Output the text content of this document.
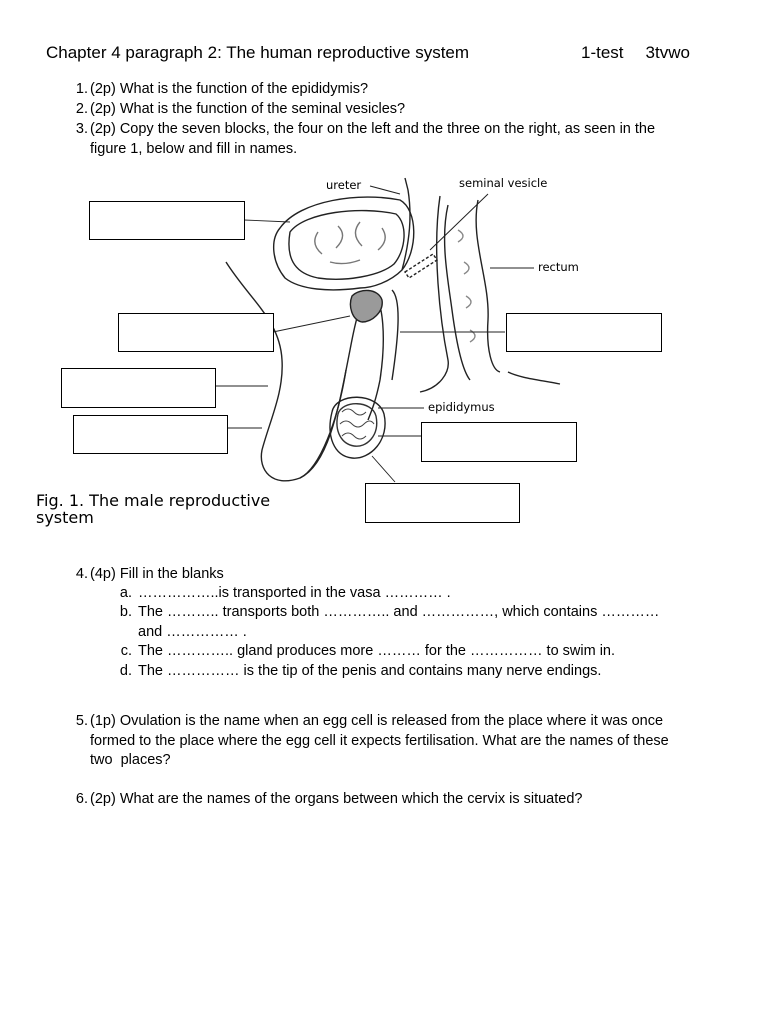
Chapter 4 paragraph 2: The human reproductive system	1-test 3tvwo
1. (2p) What is the function of the epididymis?
2. (2p) What is the function of the seminal vesicles?
3. (2p) Copy the seven blocks, the four on the left and the three on the right, as seen in the
figure 1, below and fill in names.
ureter	seminal vesicle
rectum
epididymus
Fig. 1. The male reproductive
system
4. (4p) Fill in the blanks
a. ……………..is transported in the vasa ………… .
b. The ……….. transports both ………….. and ……………, which contains …………
and …………… .
c. The ………….. gland produces more ……… for the …………… to swim in.
d. The …………… is the tip of the penis and contains many nerve endings.
5. (1p) Ovulation is the name when an egg cell is released from the place where it was once
formed to the place where the egg cell it expects fertilisation. What are the names of these
two  places?
6. (2p) What are the names of the organs between which the cervix is situated?
